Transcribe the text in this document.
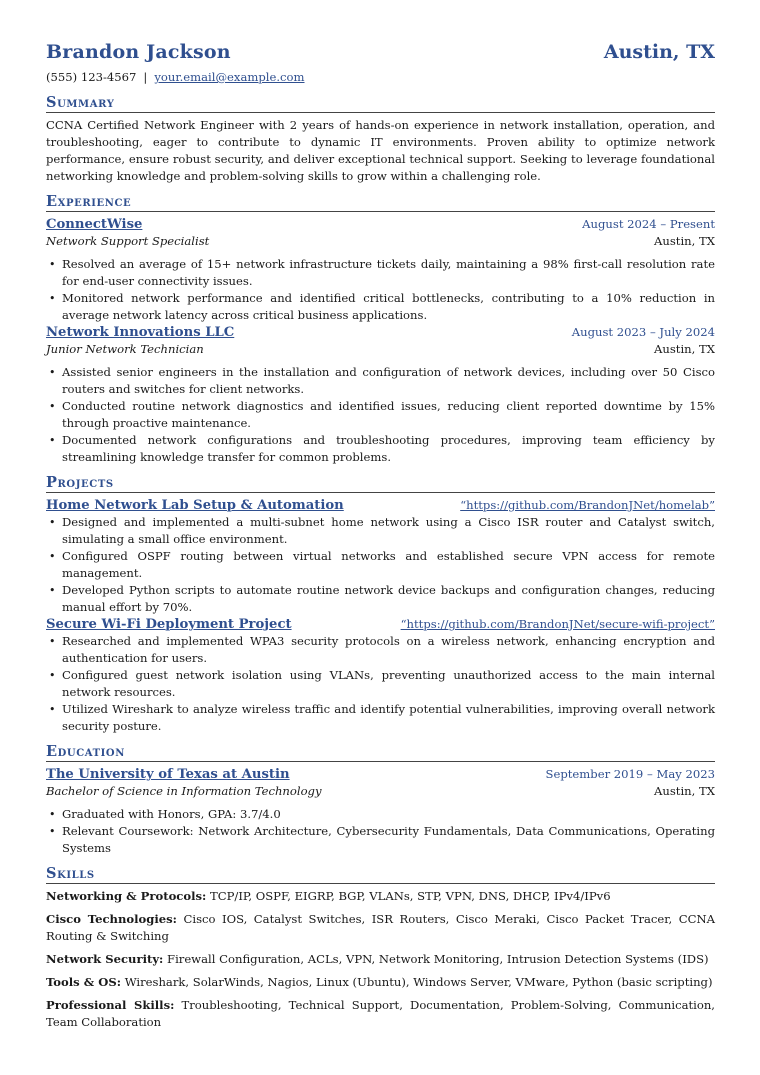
Brandon Jackson	Austin, TX
(555) 123-4567 | your.email@example.com
Summary
CCNA Certified Network Engineer with 2 years of hands-on experience in network installation, operation, and troubleshooting, eager to contribute to dynamic IT environments. Proven ability to optimize network performance, ensure robust security, and deliver exceptional technical support. Seeking to leverage foundational networking knowledge and problem-solving skills to grow within a challenging role.
Experience
ConnectWise	August 2024 – Present
Network Support Specialist	Austin, TX
• Resolved an average of 15+ network infrastructure tickets daily, maintaining a 98% first-call resolution rate for end-user connectivity issues.
• Monitored network performance and identified critical bottlenecks, contributing to a 10% reduction in average network latency across critical business applications.
Network Innovations LLC	August 2023 – July 2024
Junior Network Technician	Austin, TX
• Assisted senior engineers in the installation and configuration of network devices, including over 50 Cisco routers and switches for client networks.
• Conducted routine network diagnostics and identified issues, reducing client reported downtime by 15% through proactive maintenance.
• Documented network configurations and troubleshooting procedures, improving team efficiency by streamlining knowledge transfer for common problems.
Projects
Home Network Lab Setup & Automation	“https://github.com/BrandonJNet/homelab”
• Designed and implemented a multi-subnet home network using a Cisco ISR router and Catalyst switch, simulating a small office environment.
• Configured OSPF routing between virtual networks and established secure VPN access for remote management.
• Developed Python scripts to automate routine network device backups and configuration changes, reducing manual effort by 70%.
Secure Wi-Fi Deployment Project	“https://github.com/BrandonJNet/secure-wifi-project”
• Researched and implemented WPA3 security protocols on a wireless network, enhancing encryption and authentication for users.
• Configured guest network isolation using VLANs, preventing unauthorized access to the main internal network resources.
• Utilized Wireshark to analyze wireless traffic and identify potential vulnerabilities, improving overall network security posture.
Education
The University of Texas at Austin	September 2019 – May 2023
Bachelor of Science in Information Technology	Austin, TX
• Graduated with Honors, GPA: 3.7/4.0
• Relevant Coursework: Network Architecture, Cybersecurity Fundamentals, Data Communications, Operating Systems
Skills
Networking & Protocols: TCP/IP, OSPF, EIGRP, BGP, VLANs, STP, VPN, DNS, DHCP, IPv4/IPv6
Cisco Technologies: Cisco IOS, Catalyst Switches, ISR Routers, Cisco Meraki, Cisco Packet Tracer, CCNA Routing & Switching
Network Security: Firewall Configuration, ACLs, VPN, Network Monitoring, Intrusion Detection Systems (IDS)
Tools & OS: Wireshark, SolarWinds, Nagios, Linux (Ubuntu), Windows Server, VMware, Python (basic scripting)
Professional Skills: Troubleshooting, Technical Support, Documentation, Problem-Solving, Communication, Team Collaboration
